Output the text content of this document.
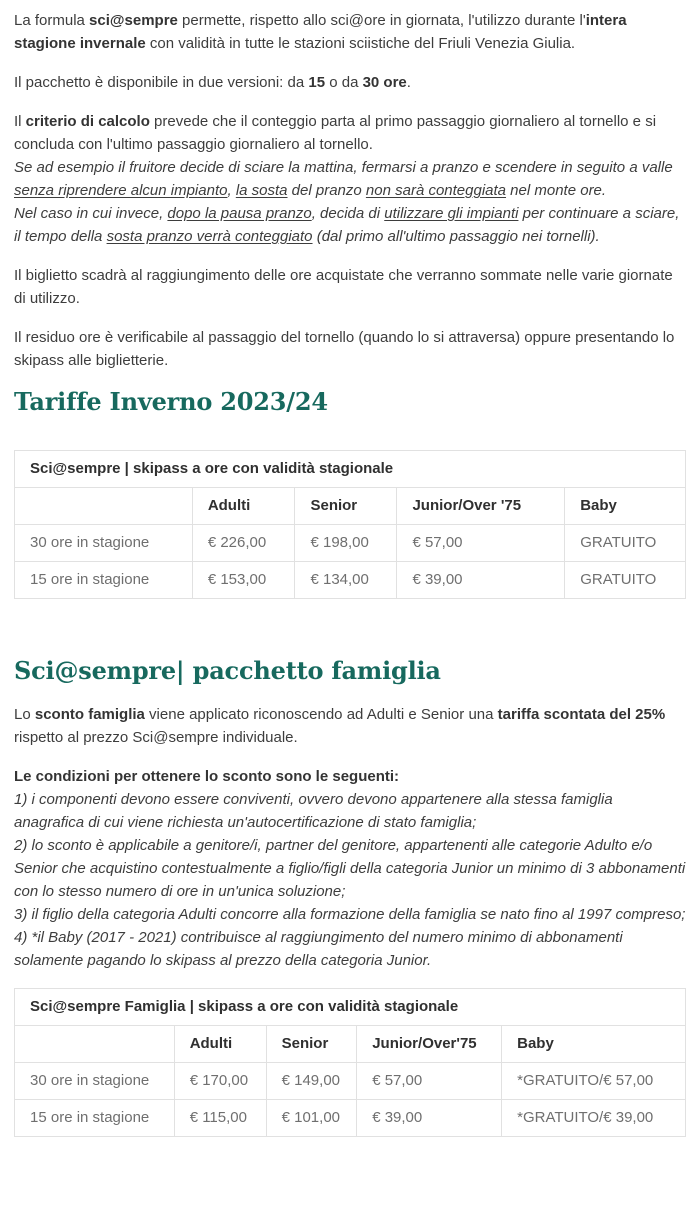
La formula sci@sempre permette, rispetto allo sci@ore in giornata, l'utilizzo durante l'intera stagione invernale con validità in tutte le stazioni sciistiche del Friuli Venezia Giulia.

Il pacchetto è disponibile in due versioni: da 15 o da 30 ore.

Il criterio di calcolo prevede che il conteggio parta al primo passaggio giornaliero al tornello e si concluda con l'ultimo passaggio giornaliero al tornello.
Se ad esempio il fruitore decide di sciare la mattina, fermarsi a pranzo e scendere in seguito a valle senza riprendere alcun impianto, la sosta del pranzo non sarà conteggiata nel monte ore.
Nel caso in cui invece, dopo la pausa pranzo, decida di utilizzare gli impianti per continuare a sciare, il tempo della sosta pranzo verrà conteggiato (dal primo all'ultimo passaggio nei tornelli).

Il biglietto scadrà al raggiungimento delle ore acquistate che verranno sommate nelle varie giornate di utilizzo.

Il residuo ore è verificabile al passaggio del tornello (quando lo si attraversa) oppure presentando lo skipass alle biglietterie.

Tariffe Inverno 2023/24
Sci@sempre | skipass a ore con validità stagionale				
	Adulti	Senior	Junior/Over '75	Baby
30 ore in stagione	€ 226,00	€ 198,00	€ 57,00	GRATUITO
15 ore in stagione	€ 153,00	€ 134,00	€ 39,00	GRATUITO
Sci@sempre| pacchetto famiglia

Lo sconto famiglia viene applicato riconoscendo ad Adulti e Senior una tariffa scontata del 25% rispetto al prezzo Sci@sempre individuale.

Le condizioni per ottenere lo sconto sono le seguenti:
1) i componenti devono essere conviventi, ovvero devono appartenere alla stessa famiglia anagrafica di cui viene richiesta un'autocertificazione di stato famiglia;
2) lo sconto è applicabile a genitore/i, partner del genitore, appartenenti alle categorie Adulto e/o Senior che acquistino contestualmente a figlio/figli della categoria Junior un minimo di 3 abbonamenti con lo stesso numero di ore in un'unica soluzione;
3) il figlio della categoria Adulti concorre alla formazione della famiglia se nato fino al 1997 compreso;
4) *il Baby (2017 - 2021) contribuisce al raggiungimento del numero minimo di abbonamenti solamente pagando lo skipass al prezzo della categoria Junior.

Sci@sempre Famiglia | skipass a ore con validità stagionale				
	Adulti	Senior	Junior/Over'75	Baby
30 ore in stagione	€ 170,00	€ 149,00	€ 57,00	*GRATUITO/€ 57,00
15 ore in stagione	€ 115,00	€ 101,00	€ 39,00	*GRATUITO/€ 39,00
